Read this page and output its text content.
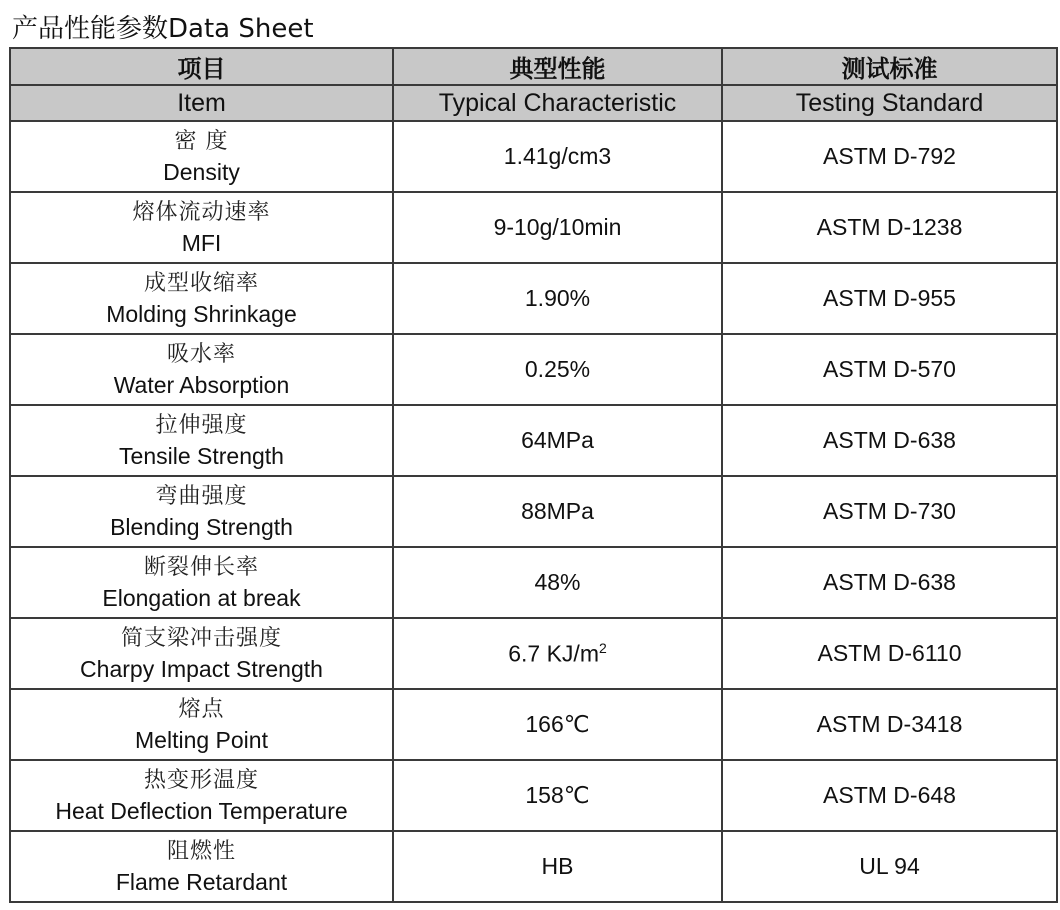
产品性能参数Data Sheet
项目	典型性能	测试标准
Item	Typical Characteristic	Testing Standard

密 度
Density	1.41g/cm3	ASTM D-792

熔体流动速率
MFI	9-10g/10min	ASTM D-1238

成型收缩率
Molding Shrinkage	1.90%	ASTM D-955

吸水率
Water Absorption	0.25%	ASTM D-570

拉伸强度
Tensile Strength	64MPa	ASTM D-638

弯曲强度
Blending Strength	88MPa	ASTM D-730

断裂伸长率
Elongation at break	48%	ASTM D-638

简支梁冲击强度
Charpy Impact Strength	6.7 $KJ/m^2$	ASTM D-6110

熔点
Melting Point	166℃	ASTM D-3418

热变形温度
Heat Deflection Temperature	158℃	ASTM D-648

阻燃性
Flame Retardant	HB	UL 94
